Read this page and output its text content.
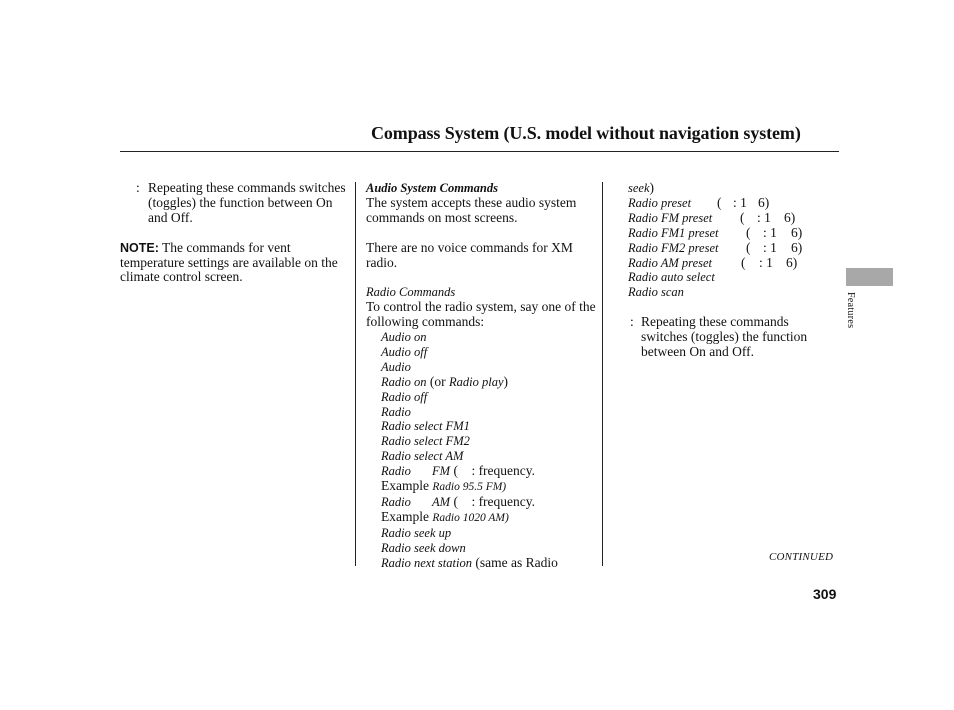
Compass System (U.S. model without navigation system)
: Repeating these commands switches (toggles) the function between On and Off.
NOTE: The commands for vent temperature settings are available on the climate control screen.
Audio System Commands
The system accepts these audio system commands on most screens.
There are no voice commands for XM radio.
Radio Commands
To control the radio system, say one of the following commands:
Audio on
Audio off
Audio
Radio on (or Radio play)
Radio off
Radio
Radio select FM1
Radio select FM2
Radio select AM
Radio FM ( : frequency.
Example Radio 95.5 FM)
Radio AM ( : frequency.
Example Radio 1020 AM)
Radio seek up
Radio seek down
Radio next station (same as Radio
seek)
Radio preset ( : 1 6)
Radio FM preset ( : 1 6)
Radio FM1 preset ( : 1 6)
Radio FM2 preset ( : 1 6)
Radio AM preset ( : 1 6)
Radio auto select
Radio scan
: Repeating these commands switches (toggles) the function between On and Off.
CONTINUED
309
Features
